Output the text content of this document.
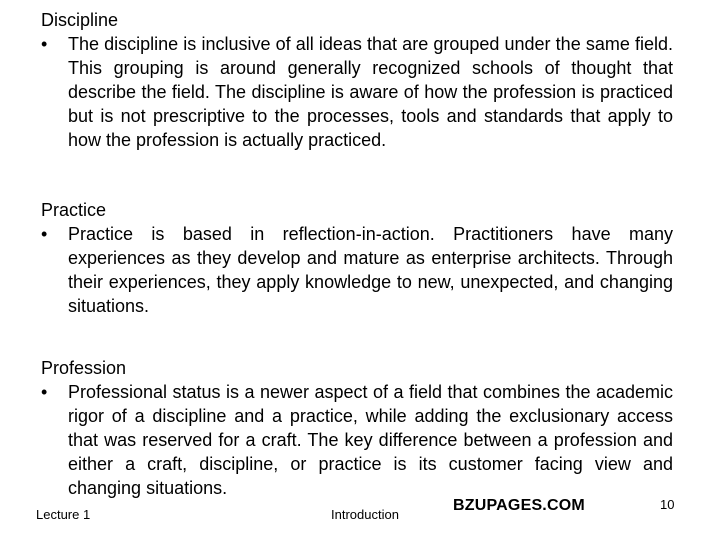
Discipline
• The discipline is inclusive of all ideas that are grouped under the same field. This grouping is around generally recognized schools of thought that describe the field. The discipline is aware of how the profession is practiced but is not prescriptive to the processes, tools and standards that apply to how the profession is actually practiced.

Practice
• Practice is based in reflection-in-action. Practitioners have many experiences as they develop and mature as enterprise architects. Through their experiences, they apply knowledge to new, unexpected, and changing situations.

Profession
• Professional status is a newer aspect of a field that combines the academic rigor of a discipline and a practice, while adding the exclusionary access that was reserved for a craft. The key difference between a profession and either a craft, discipline, or practice is its customer facing view and changing situations.

Lecture 1	Introduction
BZUPAGES.COM	10
